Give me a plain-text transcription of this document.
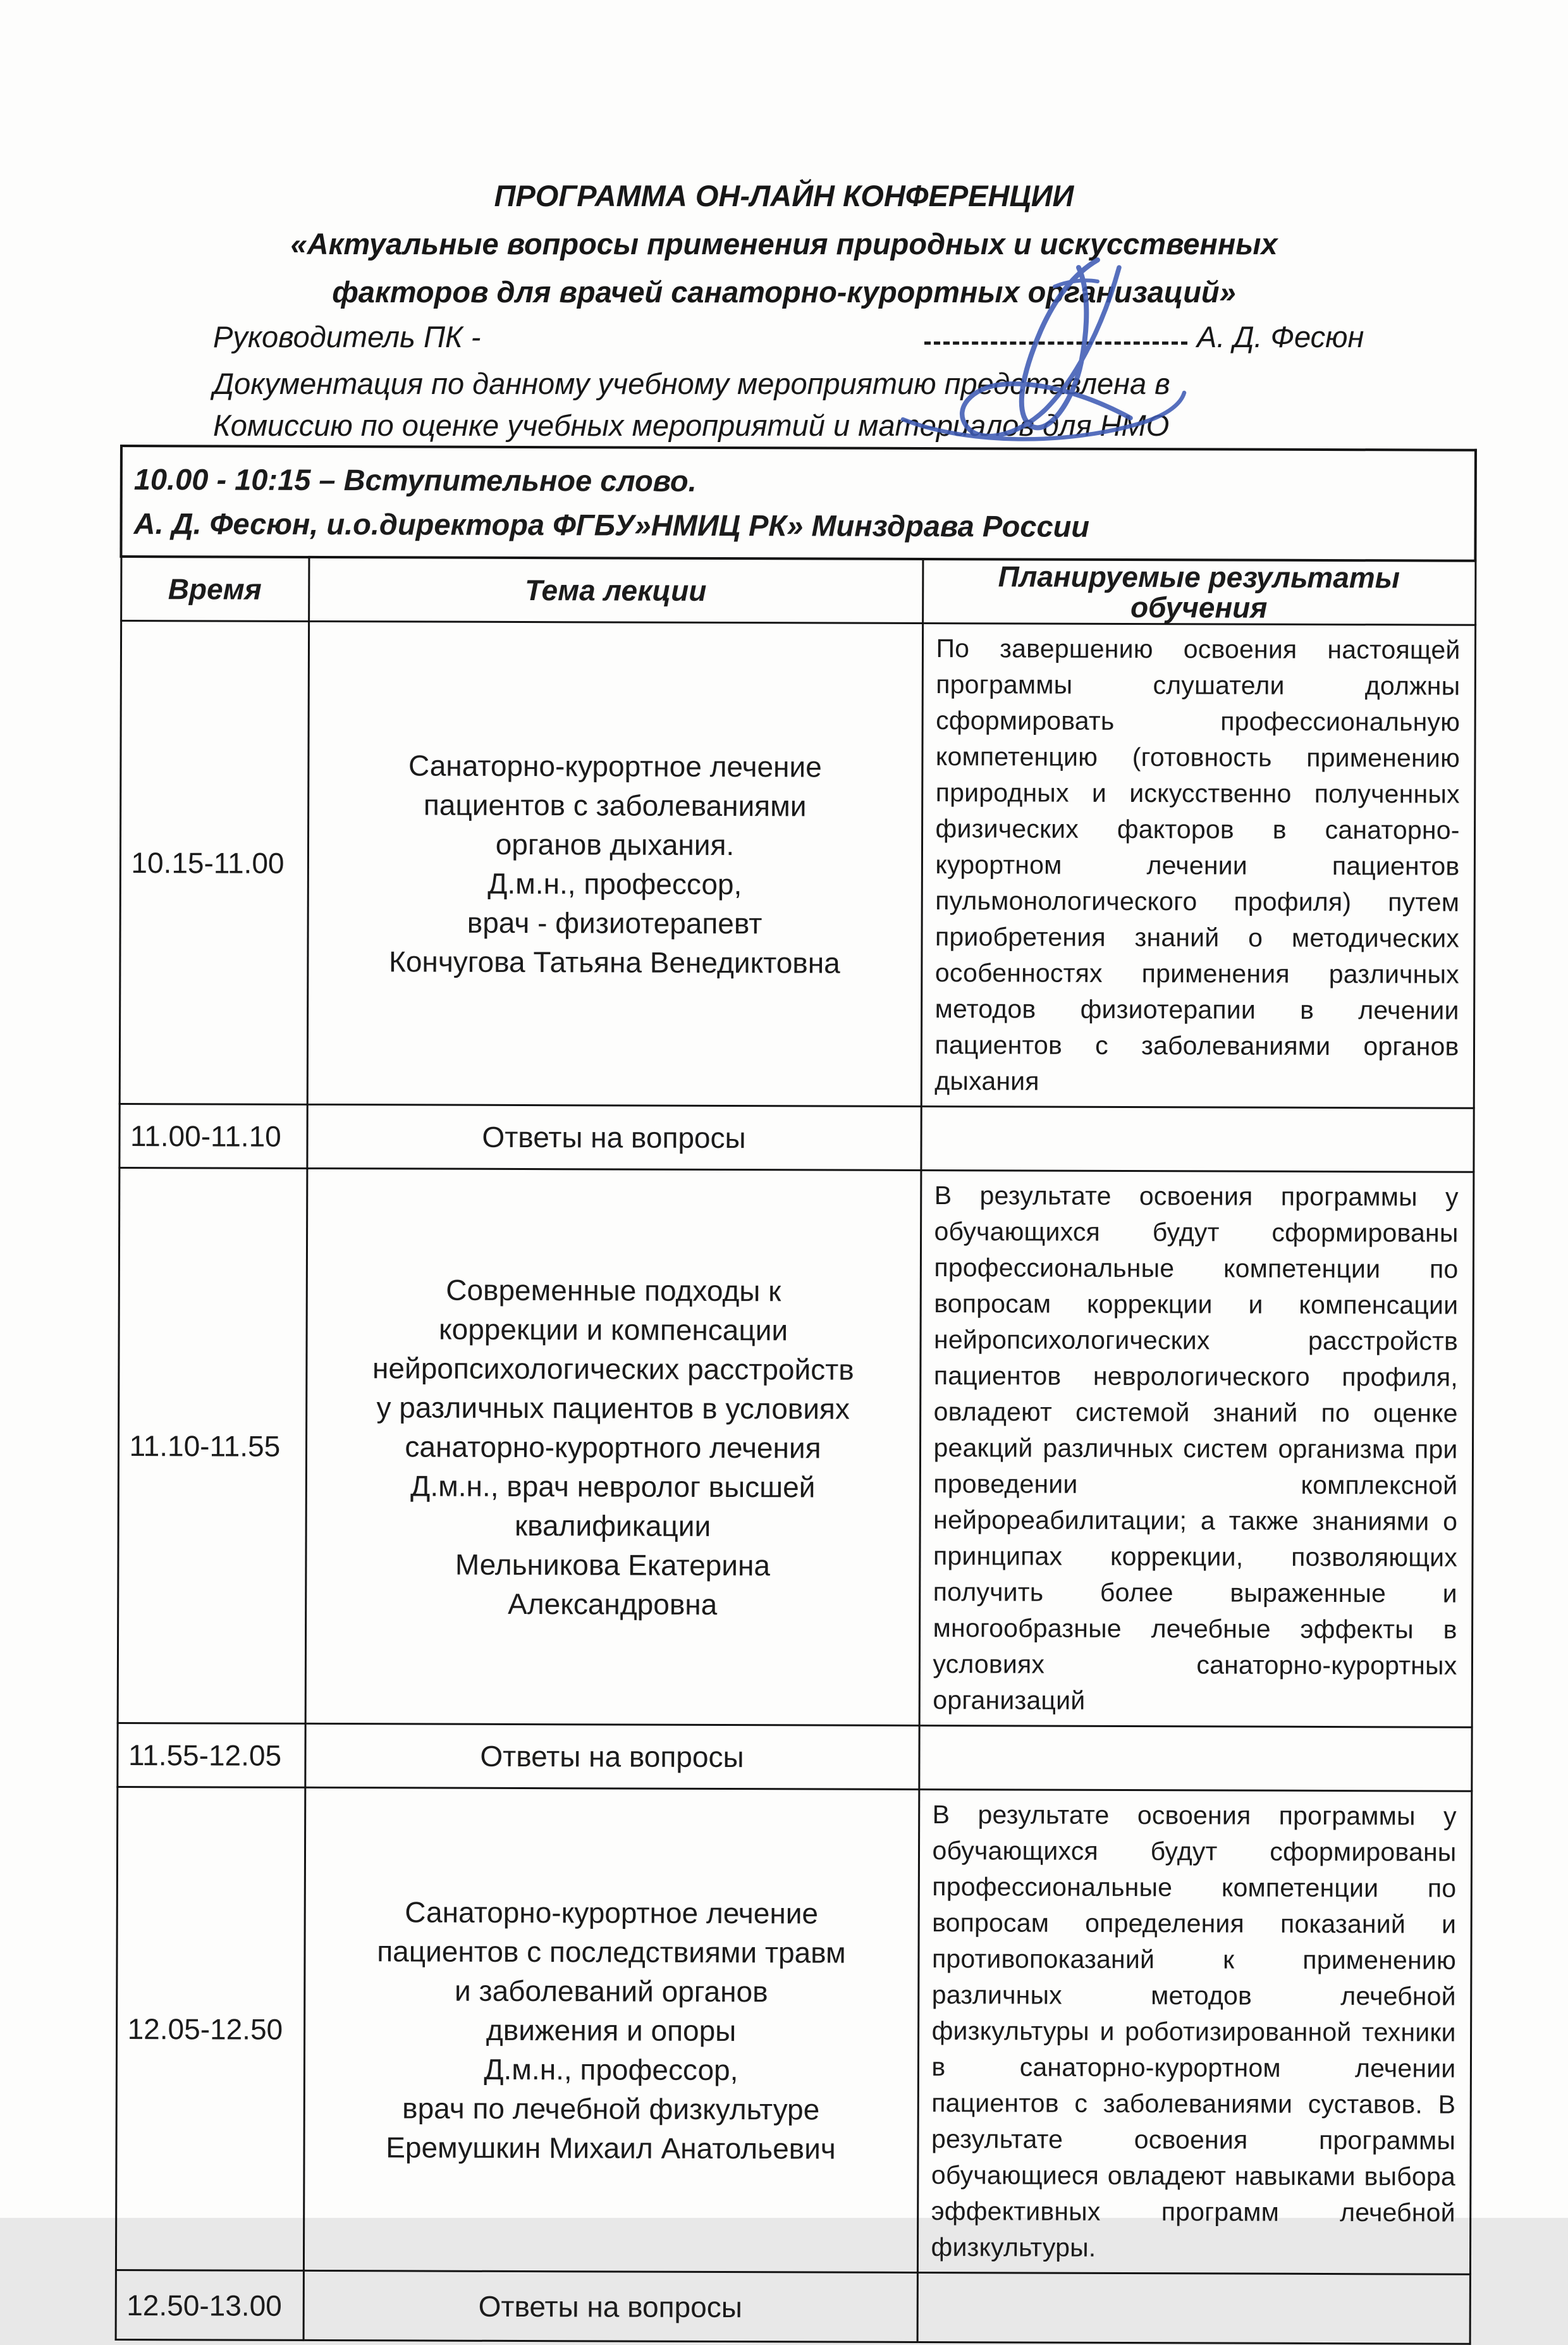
ПРОГРАММА ОН-ЛАЙН КОНФЕРЕНЦИИ
«Актуальные вопросы применения природных и искусственных
факторов для врачей санаторно-курортных организаций»
Руководитель ПК -	А. Д. Фесюн
Документация по данному учебному мероприятию представлена в
Комиссию по оценке учебных мероприятий и материалов для НМО
10.00 - 10:15 – Вступительное слово.
А. Д. Фесюн, и.о.директора ФГБУ»НМИЦ РК» Минздрава России		

Время	Тема лекции	Планируемые результаты обучения
10.15-11.00	Санаторно-курортное лечение
пациентов с заболеваниями
органов дыхания.
Д.м.н., профессор,
врач - физиотерапевт
Кончугова Татьяна Венедиктовна	По завершению освоения настоящей программы слушатели должны сформировать профессиональную компетенцию (готовность применению природных и искусственно полученных физических факторов в санаторно-курортном лечении пациентов пульмонологического профиля) путем приобретения знаний о методических особенностях применения различных методов физиотерапии в лечении пациентов с заболеваниями органов дыхания
11.00-11.10	Ответы на вопросы	
11.10-11.55	Современные подходы к
коррекции и компенсации
нейропсихологических расстройств
у различных пациентов в условиях
санаторно-курортного лечения
Д.м.н., врач невролог высшей
квалификации
Мельникова Екатерина
Александровна	В результате освоения программы у обучающихся будут сформированы профессиональные компетенции по вопросам коррекции и компенсации нейропсихологических расстройств пациентов неврологического профиля, овладеют системой знаний по оценке реакций различных систем организма при проведении комплексной нейрореабилитации; а также знаниями о принципах коррекции, позволяющих получить более выраженные и многообразные лечебные эффекты в условиях санаторно-курортных организаций
11.55-12.05	Ответы на вопросы	
12.05-12.50	Санаторно-курортное лечение
пациентов с последствиями травм
и заболеваний органов
движения и опоры
Д.м.н., профессор,
врач по лечебной физкультуре
Еремушкин Михаил Анатольевич	В результате освоения программы у обучающихся будут сформированы профессиональные компетенции по вопросам определения показаний и противопоказаний к применению различных методов лечебной физкультуры и роботизированной техники в санаторно-курортном лечении пациентов с заболеваниями суставов. В результате освоения программы обучающиеся овладеют навыками выбора эффективных программ лечебной физкультуры.
12.50-13.00	Ответы на вопросы	
